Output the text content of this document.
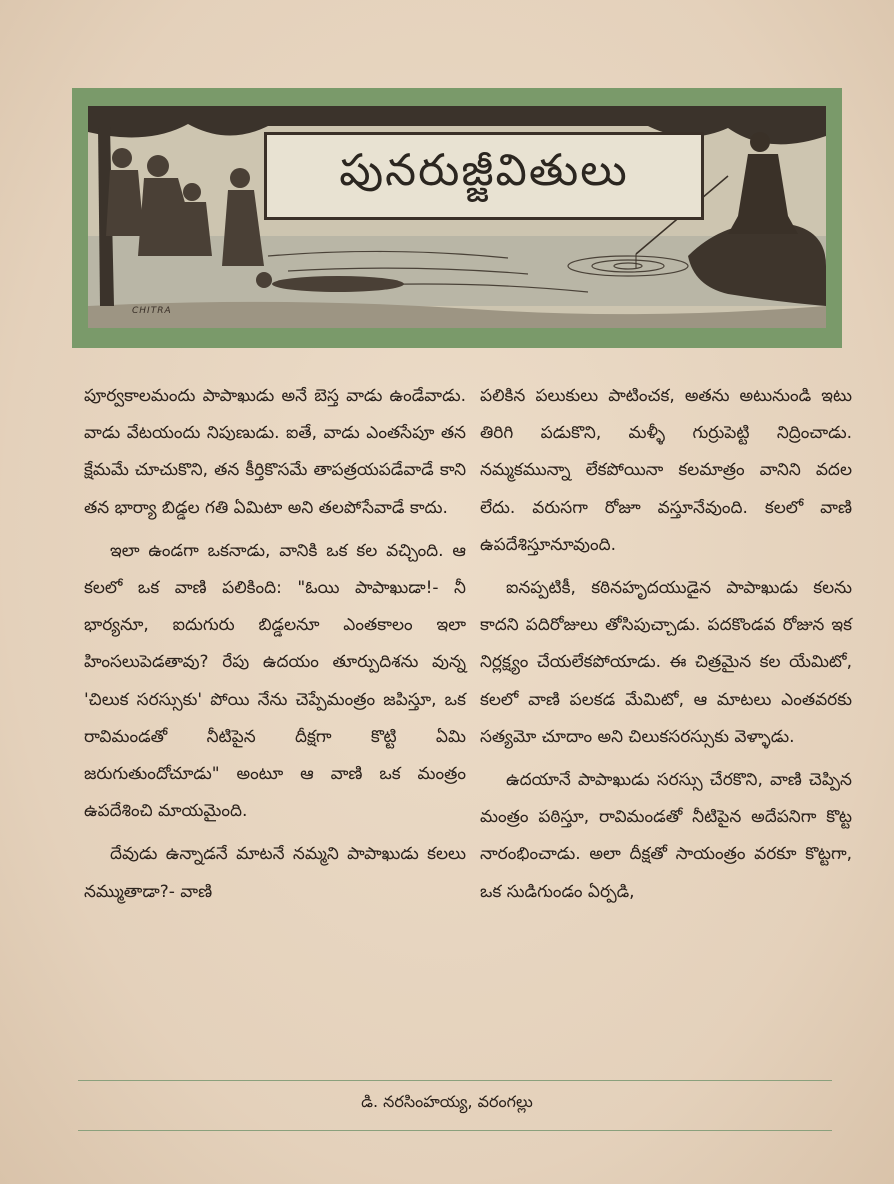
పునరుజ్జీవితులు
CHITRA

పూర్వకాలమందు పాపాఖుడు అనే బెస్త వాడు ఉండేవాడు. వాడు వేటయందు నిపుణుడు. ఐతే, వాడు ఎంతసేపూ తన క్షేమమే చూచుకొని, తన కీర్తికొసమే తాపత్రయపడేవాడే కాని తన భార్యా బిడ్డల గతి ఏమిటా అని తలపోసేవాడే కాదు.

ఇలా ఉండగా ఒకనాడు, వానికి ఒక కల వచ్చింది. ఆ కలలో ఒక వాణి పలికింది: "ఓయి పాపాఖుడా!- నీ భార్యనూ, ఐదుగురు బిడ్డలనూ ఎంతకాలం ఇలా హింసలుపెడతావు? రేపు ఉదయం తూర్పుదిశను వున్న 'చిలుక సరస్సుకు' పోయి నేను చెప్పేమంత్రం జపిస్తూ, ఒక రావిమండతో నీటిపైన దీక్షగా కొట్టి ఏమి జరుగుతుందోచూడు" అంటూ ఆ వాణి ఒక మంత్రం ఉపదేశించి మాయమైంది.

దేవుడు ఉన్నాడనే మాటనే నమ్మని పాపాఖుడు కలలు నమ్ముతాడా?- వాణి

పలికిన పలుకులు పాటించక, అతను అటునుండి ఇటు తిరిగి పడుకొని, మళ్ళీ గుర్రుపెట్టి నిద్రించాడు. నమ్మకమున్నా లేకపోయినా కలమాత్రం వానిని వదల లేదు. వరుసగా రోజూ వస్తూనేవుంది. కలలో వాణి ఉపదేశిస్తూనూవుంది.

ఐనప్పటికీ, కఠినహృదయుడైన పాపాఖుడు కలను కాదని పదిరోజులు తోసిపుచ్చాడు. పదకొండవ రోజున ఇక నిర్లక్ష్యం చేయలేకపోయాడు. ఈ చిత్రమైన కల యేమిటో, కలలో వాణి పలకడ మేమిటో, ఆ మాటలు ఎంతవరకు సత్యమో చూదాం అని చిలుకసరస్సుకు వెళ్ళాడు.

ఉదయానే పాపాఖుడు సరస్సు చేరకొని, వాణి చెప్పిన మంత్రం పఠిస్తూ, రావిమండతో నీటిపైన అదేపనిగా కొట్ట నారంభించాడు. అలా దీక్షతో సాయంత్రం వరకూ కొట్టగా, ఒక సుడిగుండం ఏర్పడి,

డి. నరసింహయ్య, వరంగల్లు
